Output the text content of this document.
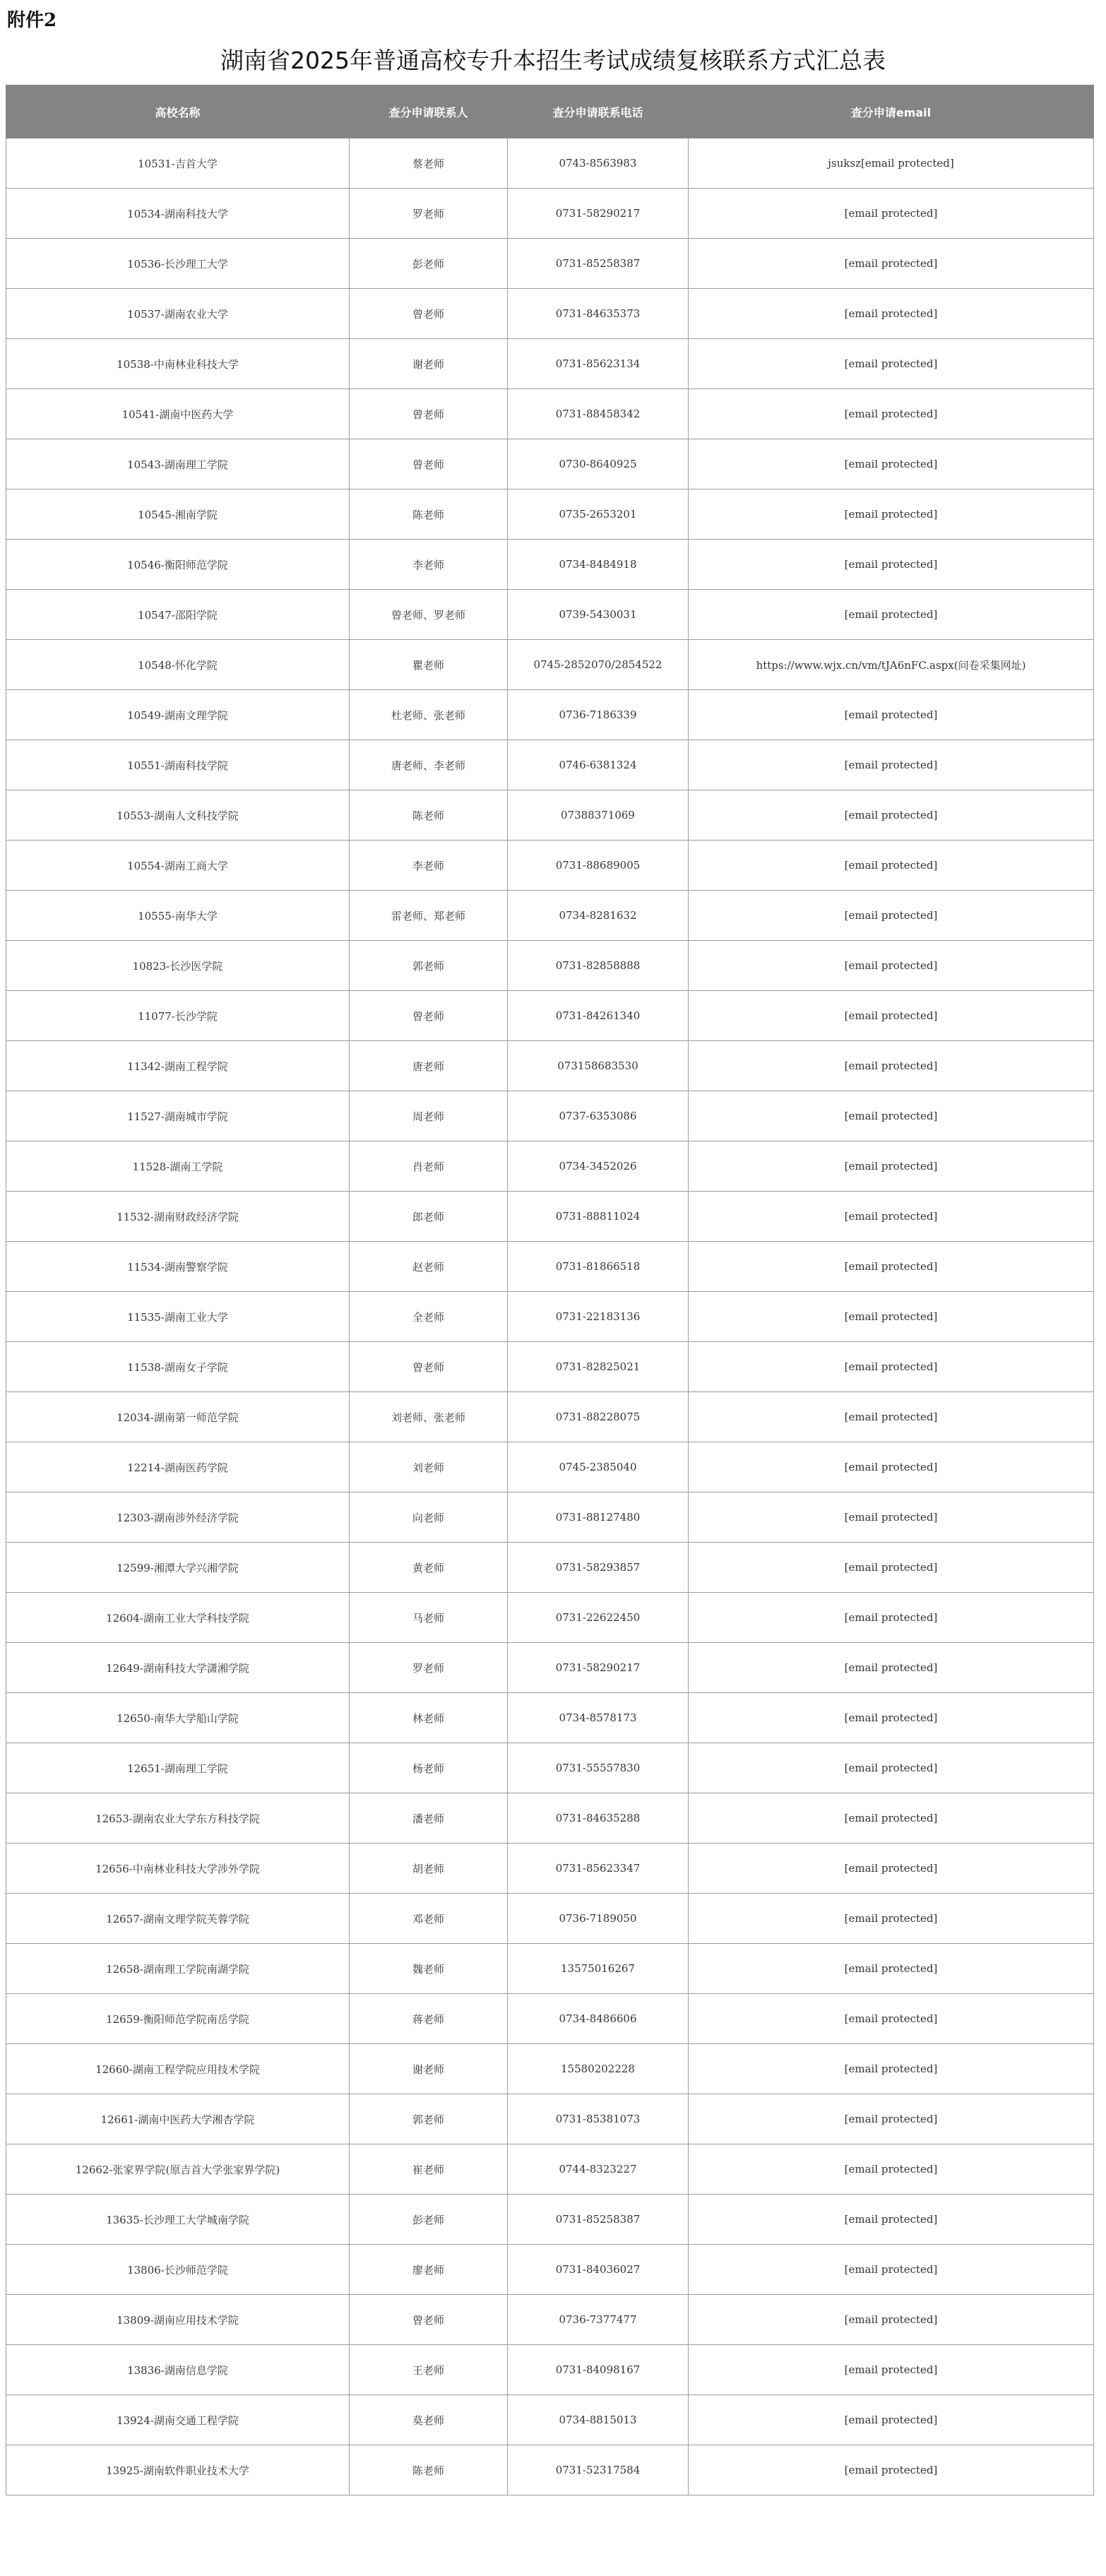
附件2
湖南省2025年普通高校专升本招生考试成绩复核联系方式汇总表
高校名称	查分申请联系人	查分申请联系电话	查分申请email
10531-吉首大学	蔡老师	0743-8563983	jsuksz[email protected]
10534-湖南科技大学	罗老师	0731-58290217	[email protected]
10536-长沙理工大学	彭老师	0731-85258387	[email protected]
10537-湖南农业大学	曾老师	0731-84635373	[email protected]
10538-中南林业科技大学	谢老师	0731-85623134	[email protected]
10541-湖南中医药大学	曾老师	0731-88458342	[email protected]
10543-湖南理工学院	曾老师	0730-8640925	[email protected]
10545-湘南学院	陈老师	0735-2653201	[email protected]
10546-衡阳师范学院	李老师	0734-8484918	[email protected]
10547-邵阳学院	曾老师、罗老师	0739-5430031	[email protected]
10548-怀化学院	瞿老师	0745-2852070/2854522	https://www.wjx.cn/vm/tJA6nFC.aspx(问卷采集网址)
10549-湖南文理学院	杜老师、张老师	0736-7186339	[email protected]
10551-湖南科技学院	唐老师、李老师	0746-6381324	[email protected]
10553-湖南人文科技学院	陈老师	07388371069	[email protected]
10554-湖南工商大学	李老师	0731-88689005	[email protected]
10555-南华大学	雷老师、郑老师	0734-8281632	[email protected]
10823-长沙医学院	郭老师	0731-82858888	[email protected]
11077-长沙学院	曾老师	0731-84261340	[email protected]
11342-湖南工程学院	唐老师	073158683530	[email protected]
11527-湖南城市学院	周老师	0737-6353086	[email protected]
11528-湖南工学院	肖老师	0734-3452026	[email protected]
11532-湖南财政经济学院	郎老师	0731-88811024	[email protected]
11534-湖南警察学院	赵老师	0731-81866518	[email protected]
11535-湖南工业大学	全老师	0731-22183136	[email protected]
11538-湖南女子学院	曾老师	0731-82825021	[email protected]
12034-湖南第一师范学院	刘老师、张老师	0731-88228075	[email protected]
12214-湖南医药学院	刘老师	0745-2385040	[email protected]
12303-湖南涉外经济学院	向老师	0731-88127480	[email protected]
12599-湘潭大学兴湘学院	黄老师	0731-58293857	[email protected]
12604-湖南工业大学科技学院	马老师	0731-22622450	[email protected]
12649-湖南科技大学潇湘学院	罗老师	0731-58290217	[email protected]
12650-南华大学船山学院	林老师	0734-8578173	[email protected]
12651-湖南理工学院	杨老师	0731-55557830	[email protected]
12653-湖南农业大学东方科技学院	潘老师	0731-84635288	[email protected]
12656-中南林业科技大学涉外学院	胡老师	0731-85623347	[email protected]
12657-湖南文理学院芙蓉学院	邓老师	0736-7189050	[email protected]
12658-湖南理工学院南湖学院	魏老师	13575016267	[email protected]
12659-衡阳师范学院南岳学院	蒋老师	0734-8486606	[email protected]
12660-湖南工程学院应用技术学院	谢老师	15580202228	[email protected]
12661-湖南中医药大学湘杏学院	郭老师	0731-85381073	[email protected]
12662-张家界学院(原吉首大学张家界学院)	崔老师	0744-8323227	[email protected]
13635-长沙理工大学城南学院	彭老师	0731-85258387	[email protected]
13806-长沙师范学院	廖老师	0731-84036027	[email protected]
13809-湖南应用技术学院	曾老师	0736-7377477	[email protected]
13836-湖南信息学院	王老师	0731-84098167	[email protected]
13924-湖南交通工程学院	莫老师	0734-8815013	[email protected]
13925-湖南软件职业技术大学	陈老师	0731-52317584	[email protected]
